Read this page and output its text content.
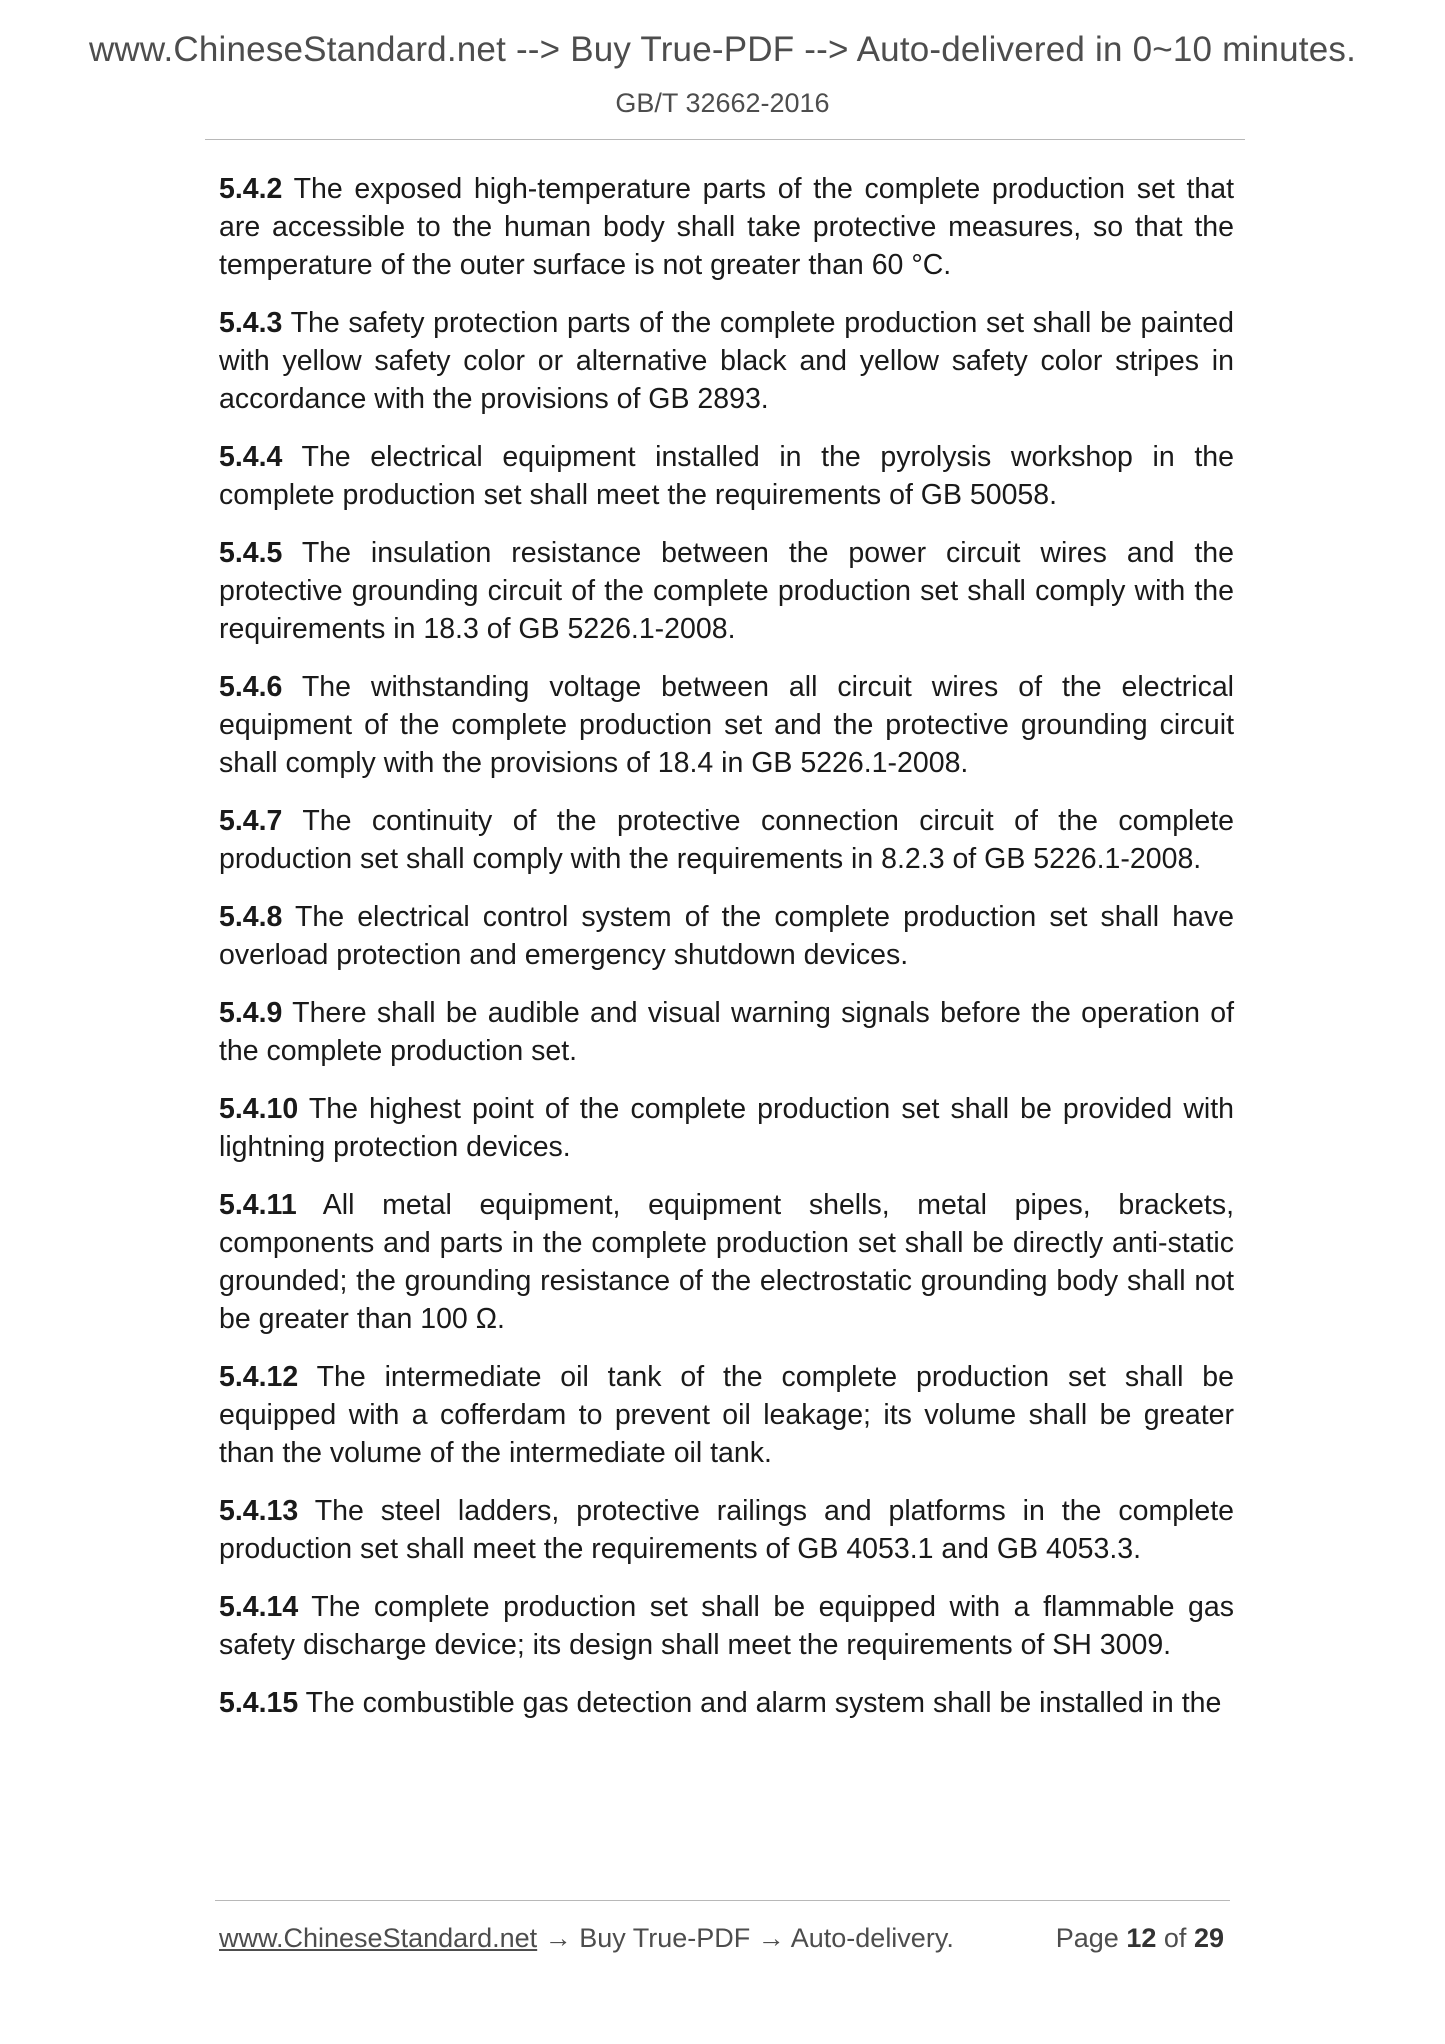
www.ChineseStandard.net --> Buy True-PDF --> Auto-delivered in 0~10 minutes.
GB/T 32662-2016

5.4.2 The exposed high-temperature parts of the complete production set that are accessible to the human body shall take protective measures, so that the temperature of the outer surface is not greater than 60 °C.

5.4.3 The safety protection parts of the complete production set shall be painted with yellow safety color or alternative black and yellow safety color stripes in accordance with the provisions of GB 2893.

5.4.4 The electrical equipment installed in the pyrolysis workshop in the complete production set shall meet the requirements of GB 50058.

5.4.5 The insulation resistance between the power circuit wires and the protective grounding circuit of the complete production set shall comply with the requirements in 18.3 of GB 5226.1-2008.

5.4.6 The withstanding voltage between all circuit wires of the electrical equipment of the complete production set and the protective grounding circuit shall comply with the provisions of 18.4 in GB 5226.1-2008.

5.4.7 The continuity of the protective connection circuit of the complete production set shall comply with the requirements in 8.2.3 of GB 5226.1-2008.

5.4.8 The electrical control system of the complete production set shall have overload protection and emergency shutdown devices.

5.4.9 There shall be audible and visual warning signals before the operation of the complete production set.

5.4.10 The highest point of the complete production set shall be provided with lightning protection devices.

5.4.11 All metal equipment, equipment shells, metal pipes, brackets, components and parts in the complete production set shall be directly anti-static grounded; the grounding resistance of the electrostatic grounding body shall not be greater than 100 Ω.

5.4.12 The intermediate oil tank of the complete production set shall be equipped with a cofferdam to prevent oil leakage; its volume shall be greater than the volume of the intermediate oil tank.

5.4.13 The steel ladders, protective railings and platforms in the complete production set shall meet the requirements of GB 4053.1 and GB 4053.3.

5.4.14 The complete production set shall be equipped with a flammable gas safety discharge device; its design shall meet the requirements of SH 3009.

5.4.15 The combustible gas detection and alarm system shall be installed in the

www.ChineseStandard.net → Buy True-PDF → Auto-delivery.	Page 12 of 29
